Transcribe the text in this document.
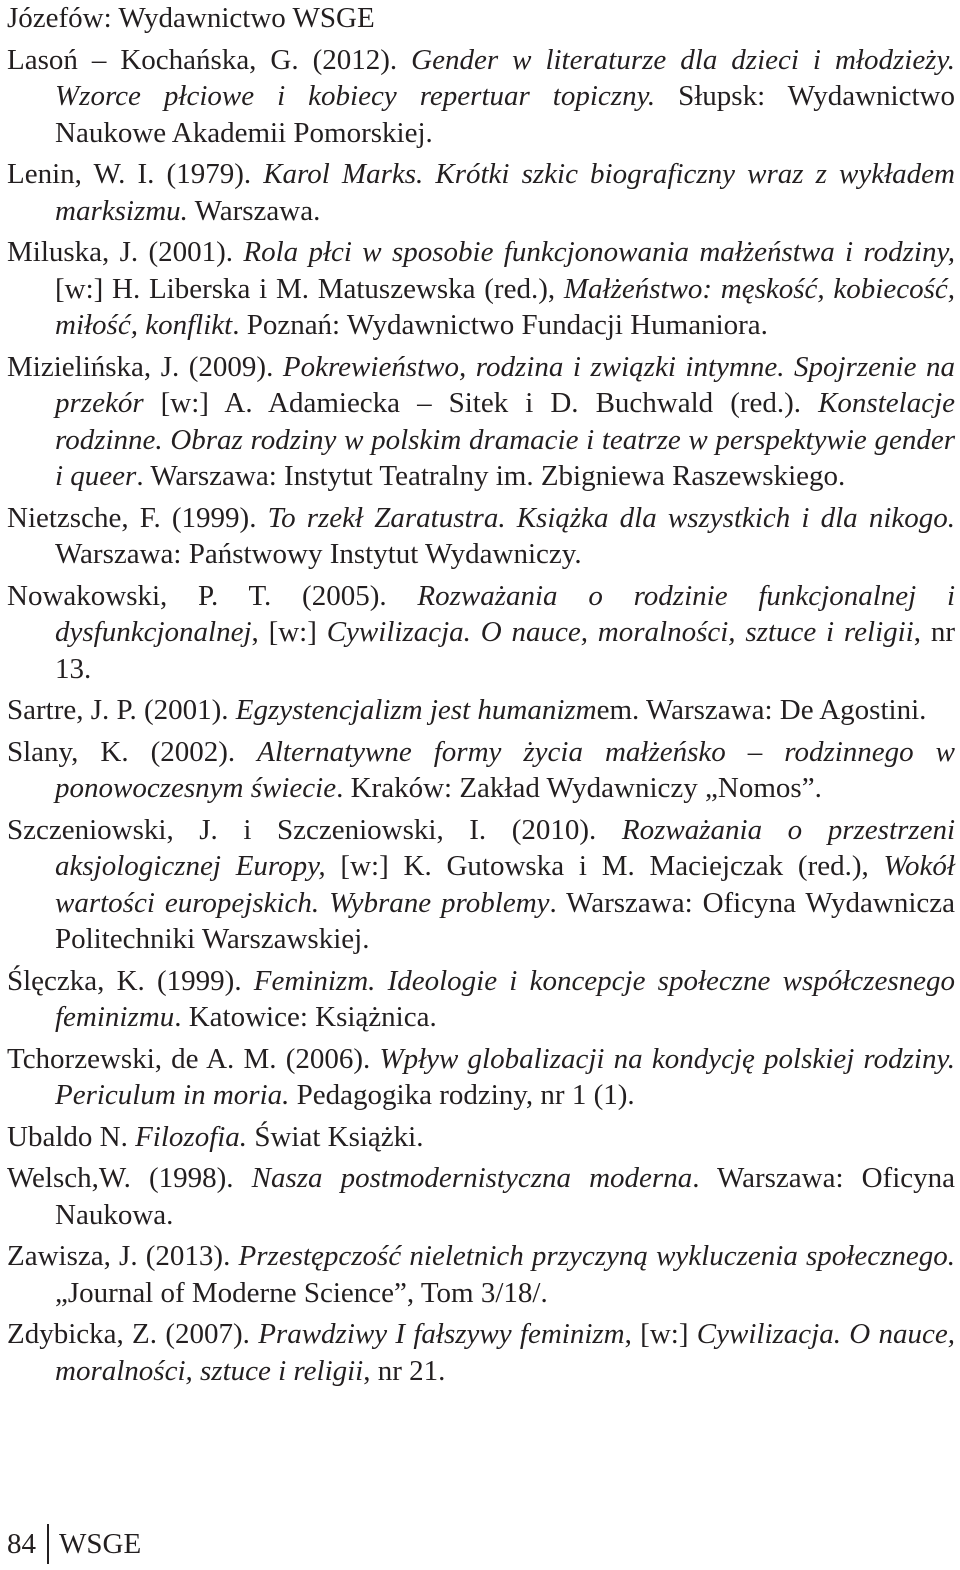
Józefów: Wydawnictwo WSGE

Lasoń – Kochańska, G. (2012). Gender w literaturze dla dzieci i młodzieży. Wzorce płciowe i kobiecy repertuar topiczny. Słupsk: Wydawnictwo Naukowe Akademii Pomorskiej.

Lenin, W. I. (1979). Karol Marks. Krótki szkic biograficzny wraz z wykładem marksizmu. Warszawa.

Miluska, J. (2001). Rola płci w sposobie funkcjonowania małżeństwa i rodziny, [w:] H. Liberska i M. Matuszewska (red.), Małżeństwo: męskość, kobiecość, miłość, konflikt. Poznań: Wydawnictwo Fundacji Humaniora.

Mizielińska, J. (2009). Pokrewieństwo, rodzina i związki intymne. Spojrzenie na przekór [w:] A. Adamiecka – Sitek i D. Buchwald (red.). Konstelacje rodzinne. Obraz rodziny w polskim dramacie i teatrze w perspektywie gender i queer. Warszawa: Instytut Teatralny im. Zbigniewa Raszewskiego.

Nietzsche, F. (1999). To rzekł Zaratustra. Książka dla wszystkich i dla nikogo. Warszawa: Państwowy Instytut Wydawniczy.

Nowakowski, P. T. (2005). Rozważania o rodzinie funkcjonalnej i dysfunkcjonalnej, [w:] Cywilizacja. O nauce, moralności, sztuce i religii, nr 13.

Sartre, J. P. (2001). Egzystencjalizm jest humanizmem. Warszawa: De Agostini.

Slany, K. (2002). Alternatywne formy życia małżeńsko – rodzinnego w ponowoczesnym świecie. Kraków: Zakład Wydawniczy „Nomos”.

Szczeniowski, J. i Szczeniowski, I. (2010). Rozważania o przestrzeni aksjologicznej Europy, [w:] K. Gutowska i M. Maciejczak (red.), Wokół wartości europejskich. Wybrane problemy. Warszawa: Oficyna Wydawnicza Politechniki Warszawskiej.

Ślęczka, K. (1999). Feminizm. Ideologie i koncepcje społeczne współczesnego feminizmu. Katowice: Książnica.

Tchorzewski, de A. M. (2006). Wpływ globalizacji na kondycję polskiej rodziny. Periculum in moria. Pedagogika rodziny, nr 1 (1).

Ubaldo N. Filozofia. Świat Książki.

Welsch,W. (1998). Nasza postmodernistyczna moderna. Warszawa: Oficyna Naukowa.

Zawisza, J. (2013). Przestępczość nieletnich przyczyną wykluczenia społecznego. „Journal of Moderne Science”, Tom 3/18/.

Zdybicka, Z. (2007). Prawdziwy I fałszywy feminizm, [w:] Cywilizacja. O nauce, moralności, sztuce i religii, nr 21.

84 WSGE
